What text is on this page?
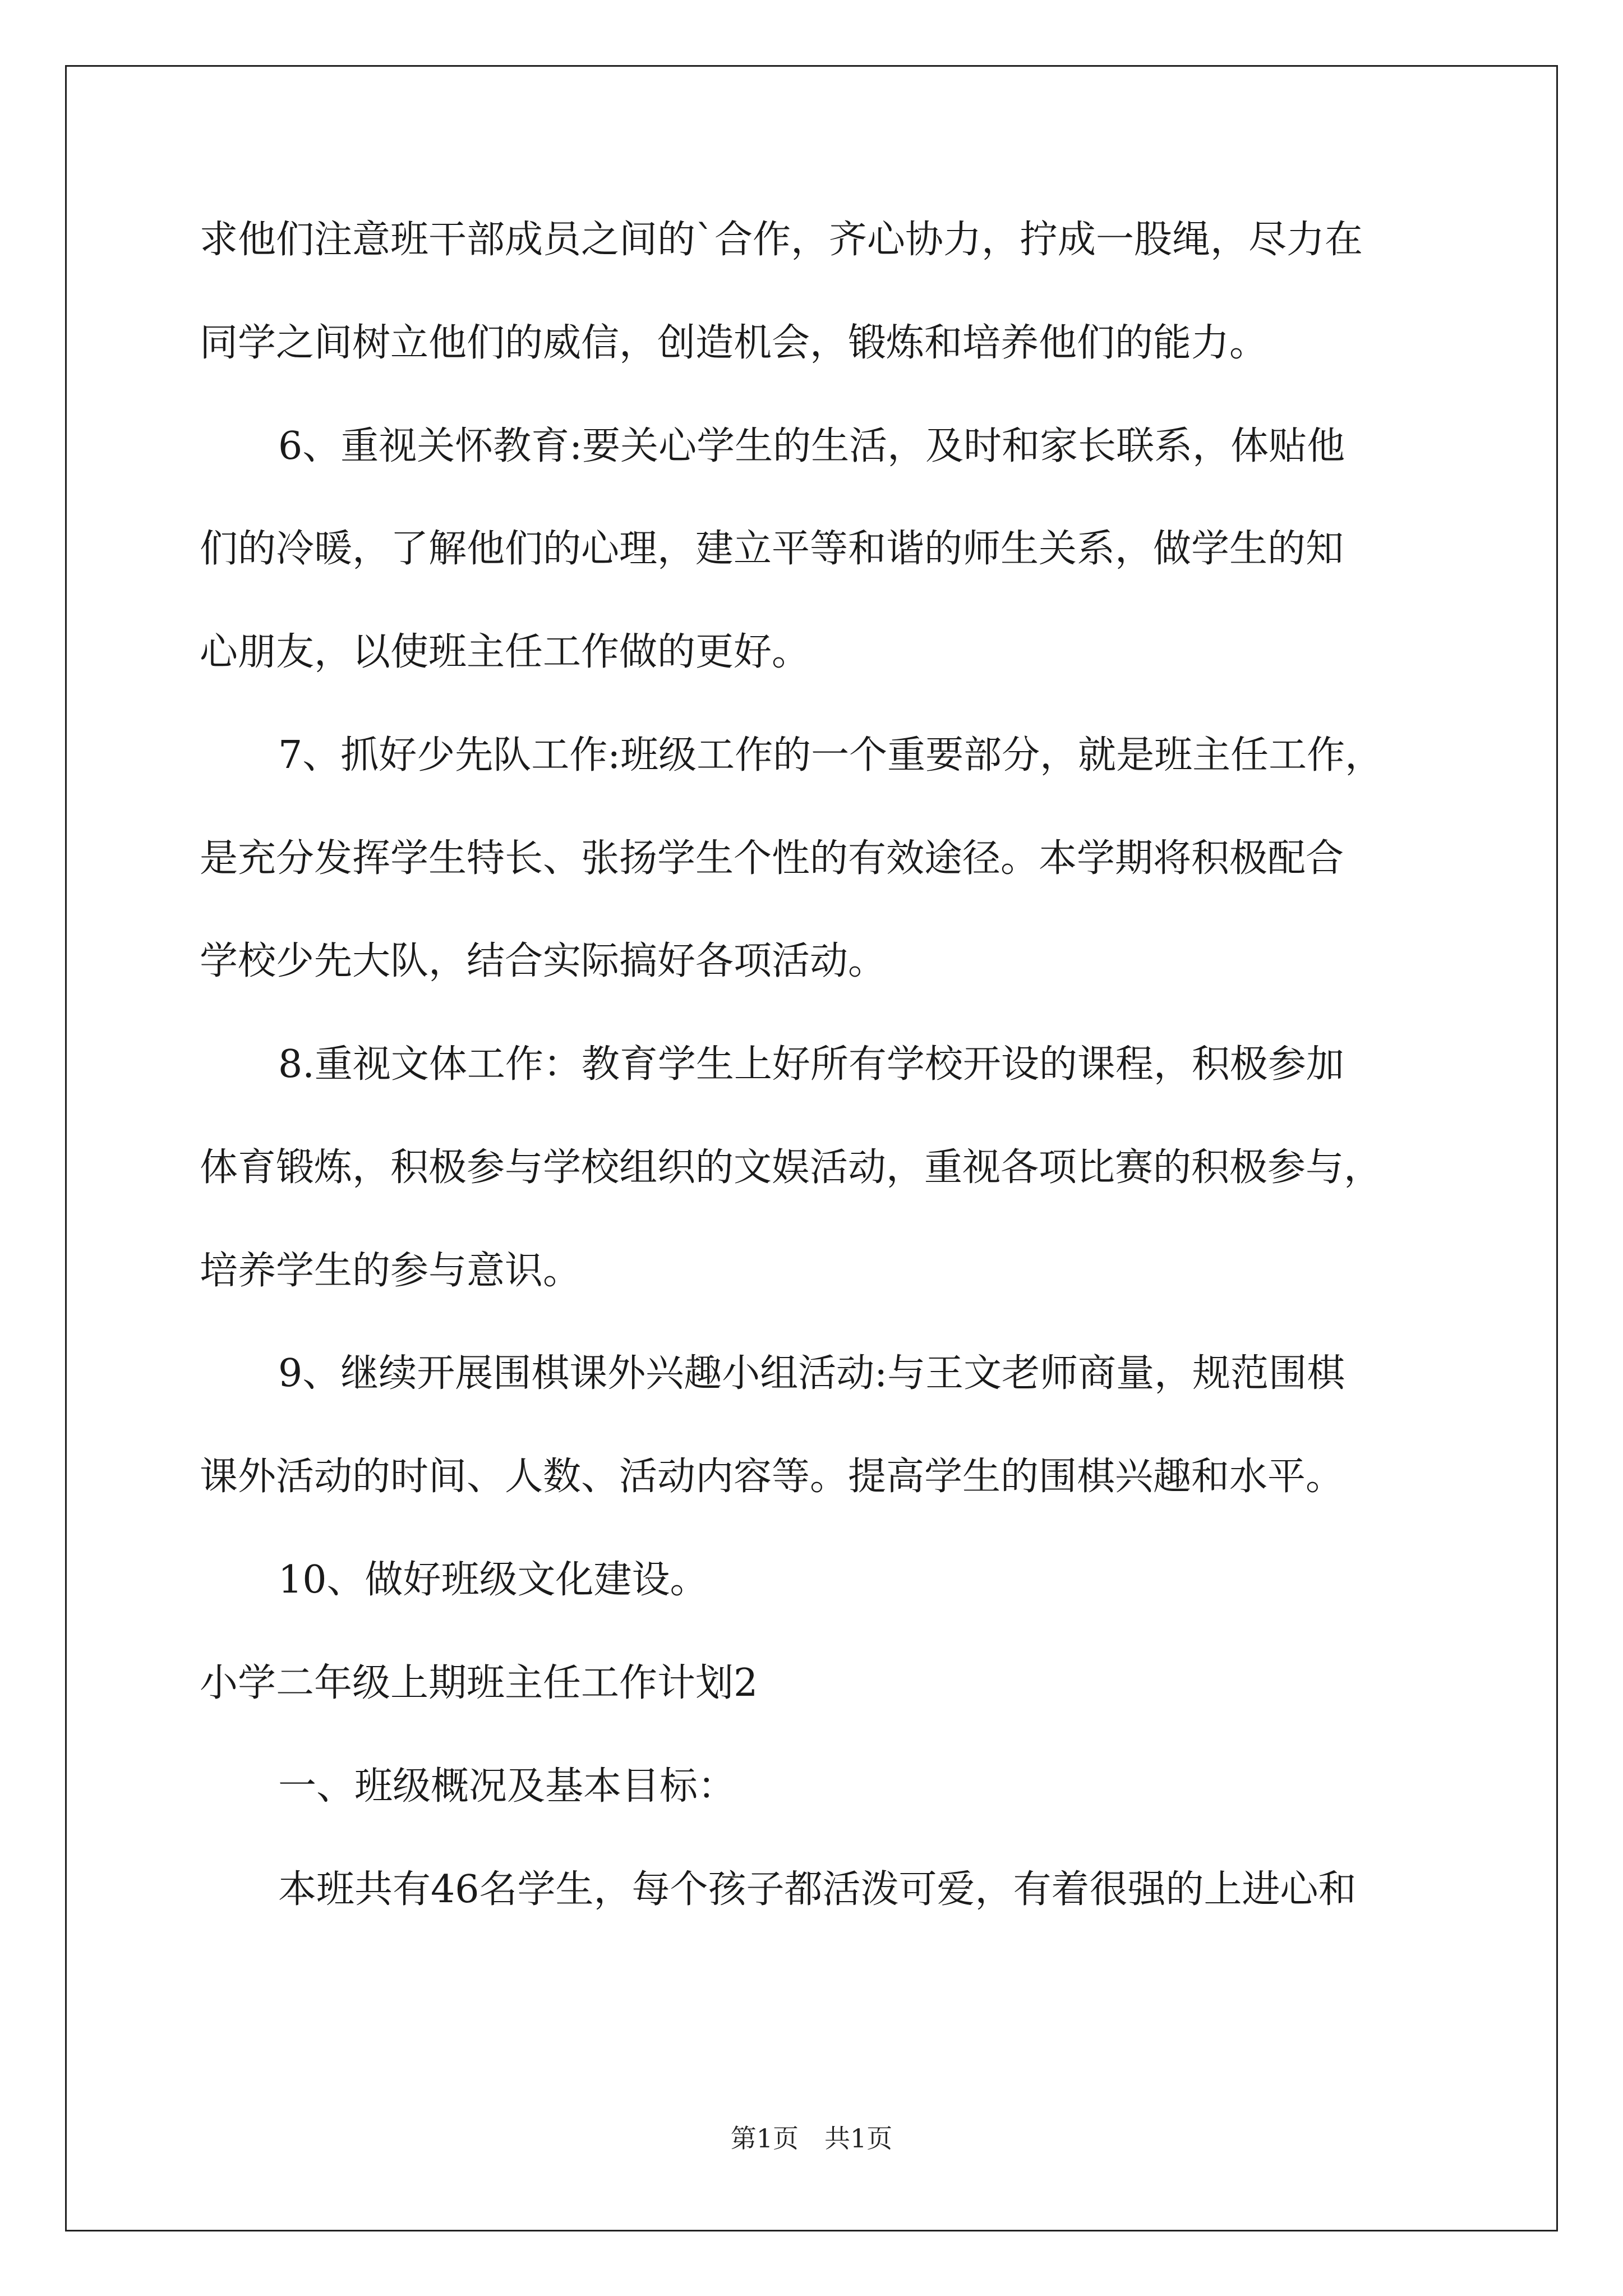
求他们注意班干部成员之间的`合作，齐心协力，拧成一股绳，尽力在
同学之间树立他们的威信，创造机会，锻炼和培养他们的能力。
6、重视关怀教育:要关心学生的生活，及时和家长联系，体贴他
们的冷暖，了解他们的心理，建立平等和谐的师生关系，做学生的知
心朋友，以使班主任工作做的更好。
7、抓好少先队工作:班级工作的一个重要部分，就是班主任工作，
是充分发挥学生特长、张扬学生个性的有效途径。本学期将积极配合
学校少先大队，结合实际搞好各项活动。
8.重视文体工作：教育学生上好所有学校开设的课程，积极参加
体育锻炼，积极参与学校组织的文娱活动，重视各项比赛的积极参与，
培养学生的参与意识。
9、继续开展围棋课外兴趣小组活动:与王文老师商量，规范围棋
课外活动的时间、人数、活动内容等。提高学生的围棋兴趣和水平。
10、做好班级文化建设。
小学二年级上期班主任工作计划2
一、班级概况及基本目标：
本班共有46名学生，每个孩子都活泼可爱，有着很强的上进心和
第1页　共1页
